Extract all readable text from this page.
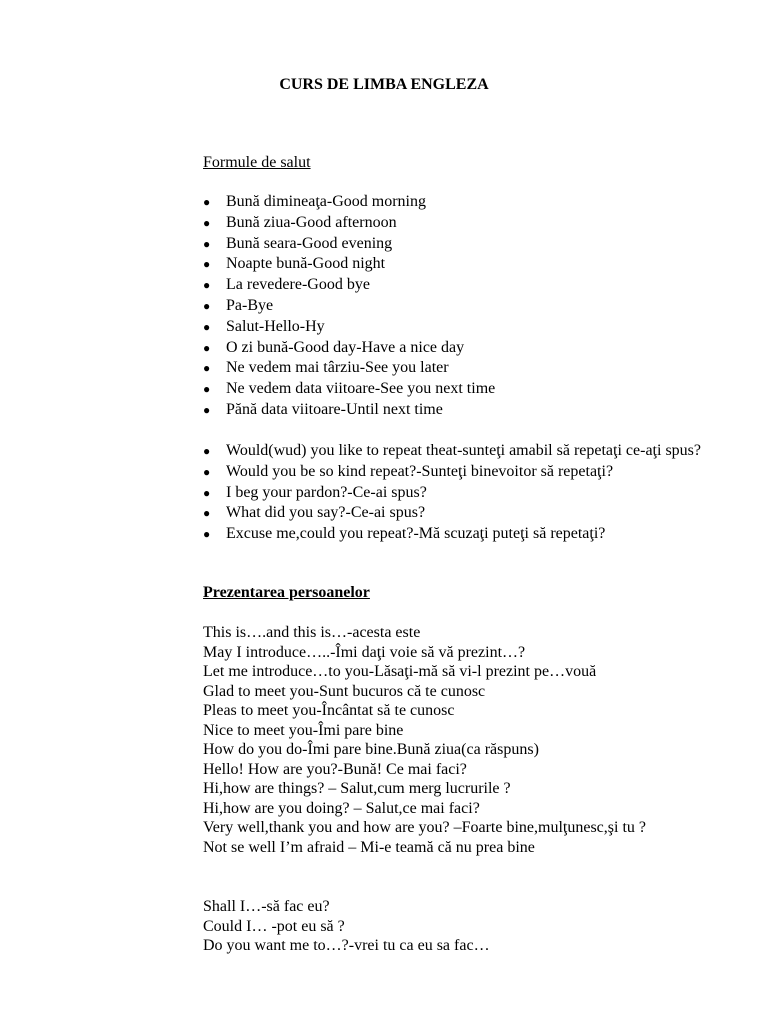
CURS DE LIMBA ENGLEZA

Formule de salut

● Bună dimineaţa-Good morning
● Bună ziua-Good afternoon
● Bună seara-Good evening
● Noapte bună-Good night
● La revedere-Good bye
● Pa-Bye
● Salut-Hello-Hy
● O zi bună-Good day-Have a nice day
● Ne vedem mai târziu-See you later
● Ne vedem data viitoare-See you next time
● Pănă data viitoare-Until next time
● Would(wud) you like to repeat theat-sunteţi amabil să repetaţi ce-aţi spus?
● Would you be so kind repeat?-Sunteţi binevoitor să repetaţi?
● I beg your pardon?-Ce-ai spus?
● What did you say?-Ce-ai spus?
● Excuse me,could you repeat?-Mă scuzaţi puteţi să repetaţi?

Prezentarea persoanelor

This is….and this is…-acesta este
May I introduce…..-Îmi daţi voie să vă prezint…?
Let me introduce…to you-Lăsaţi-mă să vi-l prezint pe…vouă
Glad to meet you-Sunt bucuros că te cunosc
Pleas to meet you-Încântat să te cunosc
Nice to meet you-Îmi pare bine
How do you do-Îmi pare bine.Bună ziua(ca răspuns)
Hello! How are you?-Bună! Ce mai faci?
Hi,how are things? – Salut,cum merg lucrurile ?
Hi,how are you doing? – Salut,ce mai faci?
Very well,thank you and how are you? –Foarte bine,mulţunesc,şi tu ?
Not se well I’m afraid – Mi-e teamă că nu prea bine
Shall I…-să fac eu?
Could I… -pot eu să ?
Do you want me to…?-vrei tu ca eu sa fac…
